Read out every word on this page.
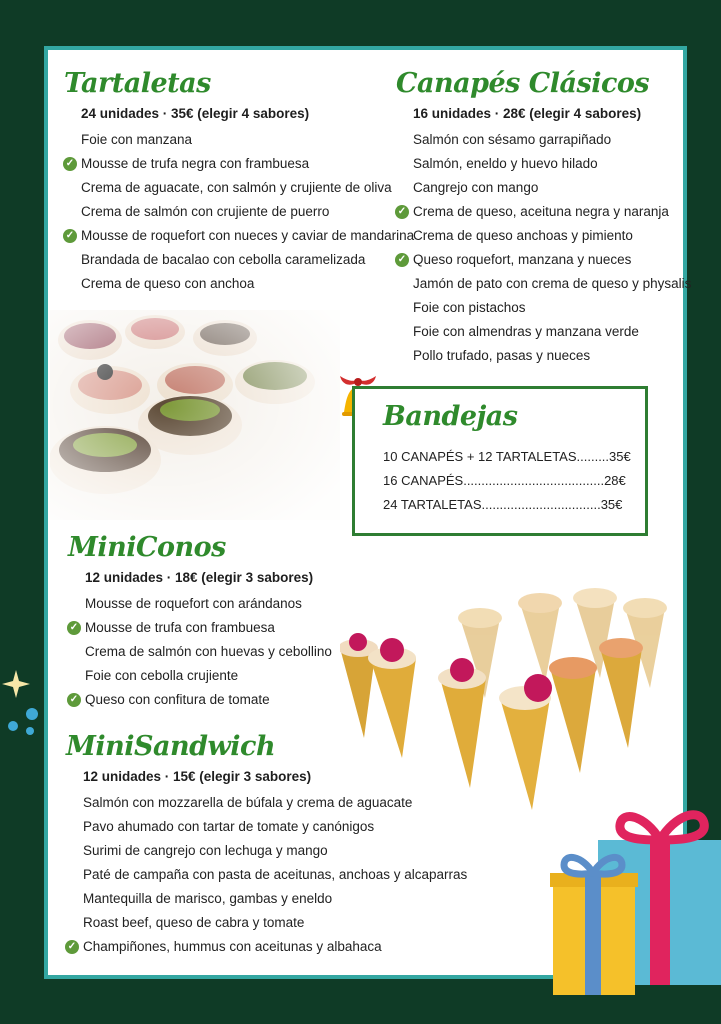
Tartaletas
24 unidades · 35€ (elegir 4 sabores)
Foie con manzana
✓ Mousse de trufa negra con frambuesa
Crema de aguacate, con salmón y crujiente de oliva
Crema de salmón con crujiente de puerro
✓ Mousse de roquefort con nueces y caviar de mandarina
Brandada de bacalao con cebolla caramelizada
Crema de queso con anchoa
Canapés Clásicos
16 unidades · 28€ (elegir 4 sabores)
Salmón con sésamo garrapiñado
Salmón, eneldo y huevo hilado
Cangrejo con mango
✓ Crema de queso, aceituna negra y naranja
Crema de queso anchoas y pimiento
✓ Queso roquefort, manzana y nueces
Jamón de pato con crema de queso y physalis
Foie con pistachos
Foie con almendras y manzana verde
Pollo trufado, pasas y nueces
Bandejas
10 CANAPÉS + 12 TARTALETAS.........35€
16 CANAPÉS.......................................28€
24 TARTALETAS.................................35€
MiniConos
12 unidades · 18€ (elegir 3 sabores)
Mousse de roquefort con arándanos
✓ Mousse de trufa con frambuesa
Crema de salmón con huevas y cebollino
Foie con cebolla crujiente
✓ Queso con confitura de tomate
MiniSandwich
12 unidades · 15€ (elegir 3 sabores)
Salmón con mozzarella de búfala y crema de aguacate
Pavo ahumado con tartar de tomate y canónigos
Surimi de cangrejo con lechuga y mango
Paté de campaña con pasta de aceitunas, anchoas y alcaparras
Mantequilla de marisco, gambas y eneldo
Roast beef, queso de cabra y tomate
✓ Champiñones, hummus con aceitunas y albahaca
